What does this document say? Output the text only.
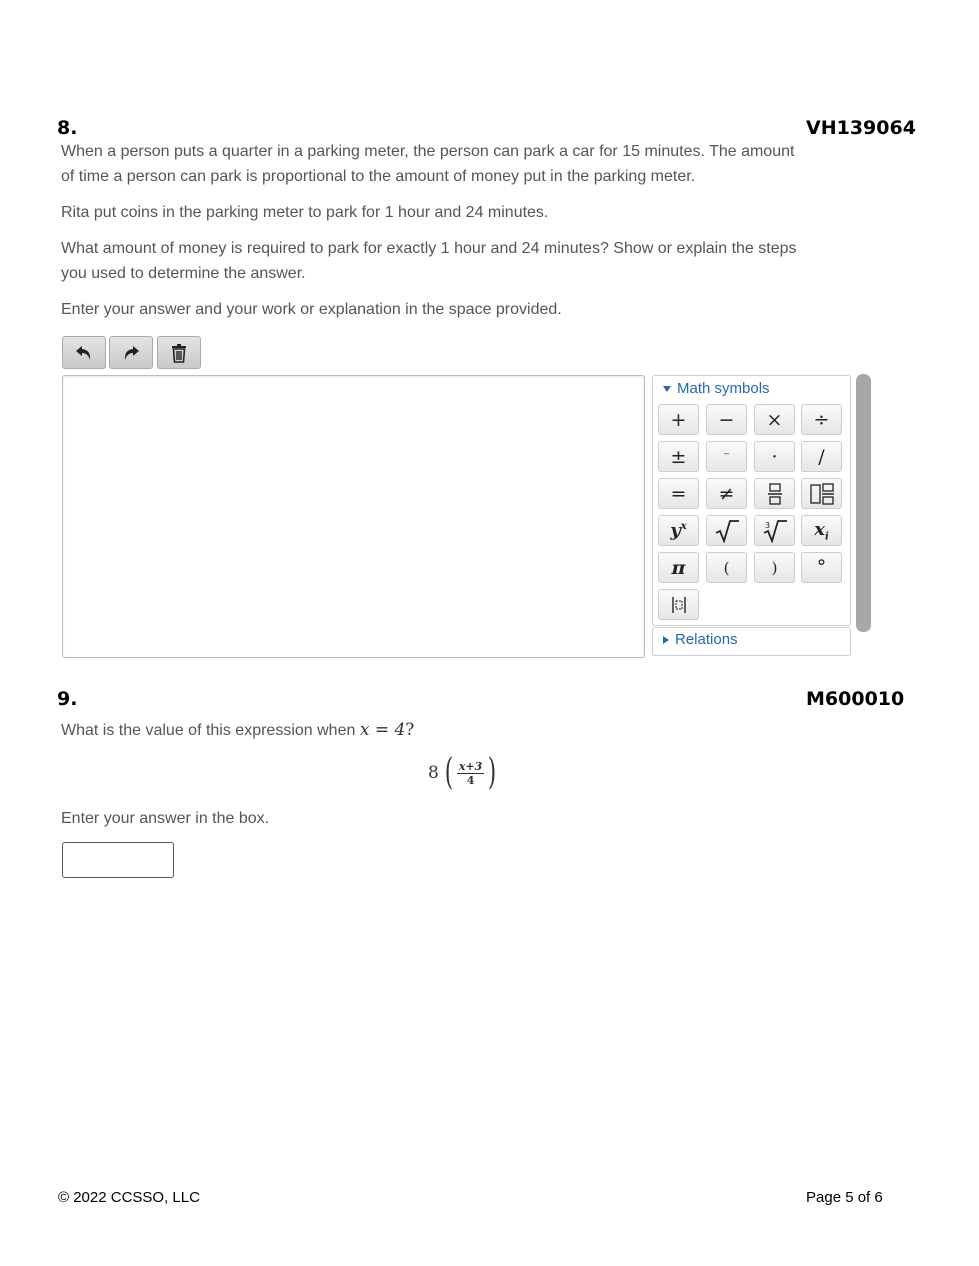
8.	VH139064
When a person puts a quarter in a parking meter, the person can park a car for 15 minutes. The amount
of time a person can park is proportional to the amount of money put in the parking meter.
Rita put coins in the parking meter to park for 1 hour and 24 minutes.
What amount of money is required to park for exactly 1 hour and 24 minutes? Show or explain the steps
you used to determine the answer.
Enter your answer and your work or explanation in the space provided.
Math symbols
+	−	×	÷
±	⁻	·	/
=	≠
$y^x$	3 $x_i$
π	(	)	°
Relations
9.	M600010
What is the value of this expression when x = 4?
8 ( $\frac{x+3}{4}$ )
Enter your answer in the box.
© 2022 CCSSO, LLC	Page 5 of 6
